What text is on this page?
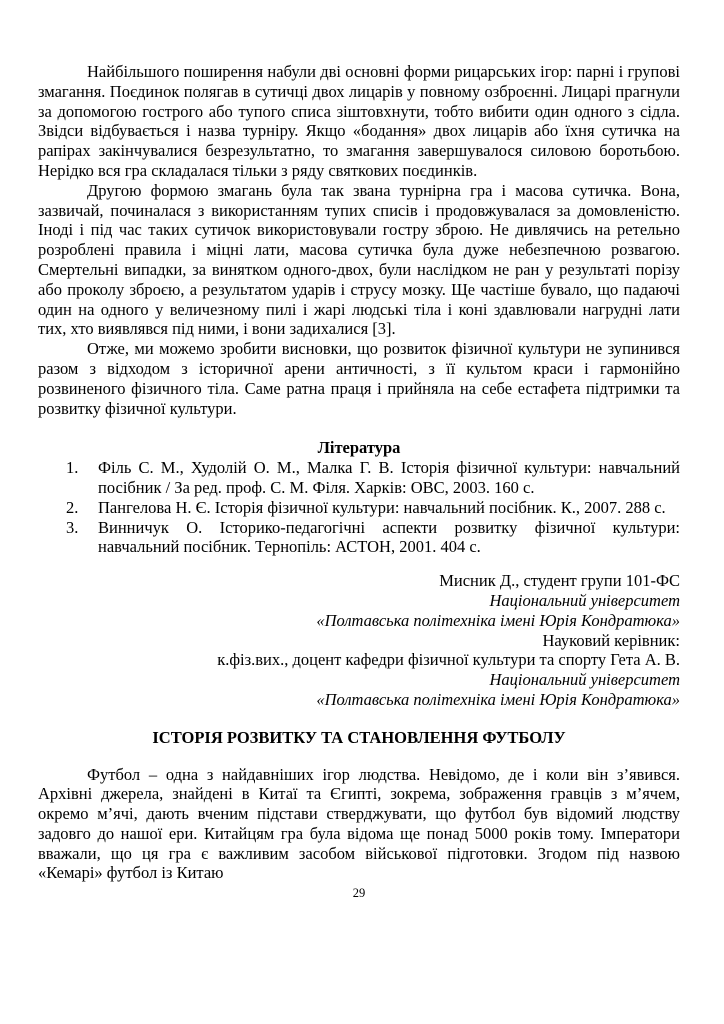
Найбільшого поширення набули дві основні форми рицарських ігор: парні і групові змагання. Поєдинок полягав в сутичці двох лицарів у повному озброєнні. Лицарі прагнули за допомогою гострого або тупого списа зіштовхнути, тобто вибити один одного з сідла. Звідси відбувається і назва турніру. Якщо «бодання» двох лицарів або їхня сутичка на рапірах закінчувалися безрезультатно, то змагання завершувалося силовою боротьбою. Нерідко вся гра складалася тільки з ряду святкових поєдинків.

Другою формою змагань була так звана турнірна гра і масова сутичка. Вона, зазвичай, починалася з використанням тупих списів і продовжувалася за домовленістю. Іноді і під час таких сутичок використовували гостру зброю. Не дивлячись на ретельно розроблені правила і міцні лати, масова сутичка була дуже небезпечною розвагою. Смертельні випадки, за винятком одного-двох, були наслідком не ран у результаті порізу або проколу зброєю, а результатом ударів і струсу мозку. Ще частіше бувало, що падаючі один на одного у величезному пилі і жарі людські тіла і коні здавлювали нагрудні лати тих, хто виявлявся під ними, і вони задихалися [3].

Отже, ми можемо зробити висновки, що розвиток фізичної культури не зупинився разом з відходом з історичної арени античності, з її культом краси і гармонійно розвиненого фізичного тіла. Саме ратна праця і прийняла на себе естафета підтримки та розвитку фізичної культури.

Література
1. Філь С. М., Худолій О. М., Малка Г. В. Історія фізичної культури: навчальний посібник / За ред. проф. С. М. Філя. Харків: ОВС, 2003. 160 с.
2. Пангелова Н. Є. Історія фізичної культури: навчальний посібник. К., 2007. 288 с.
3. Винничук О. Історико-педагогічні аспекти розвитку фізичної культури: навчальний посібник. Тернопіль: АСТОН, 2001. 404 с.
Мисник Д., студент групи 101-ФС
Національний університет
«Полтавська політехніка імені Юрія Кондратюка»
Науковий керівник:
к.фіз.вих., доцент кафедри фізичної культури та спорту Гета А. В.
Національний університет
«Полтавська політехніка імені Юрія Кондратюка»
ІСТОРІЯ РОЗВИТКУ ТА СТАНОВЛЕННЯ ФУТБОЛУ

Футбол – одна з найдавніших ігор людства. Невідомо, де і коли він з’явився. Архівні джерела, знайдені в Китаї та Єгипті, зокрема, зображення гравців з м’ячем, окремо м’ячі, дають вченим підстави стверджувати, що футбол був відомий людству задовго до нашої ери. Китайцям гра була відома ще понад 5000 років тому. Імператори вважали, що ця гра є важливим засобом військової підготовки. Згодом під назвою «Кемарі» футбол із Китаю

29
